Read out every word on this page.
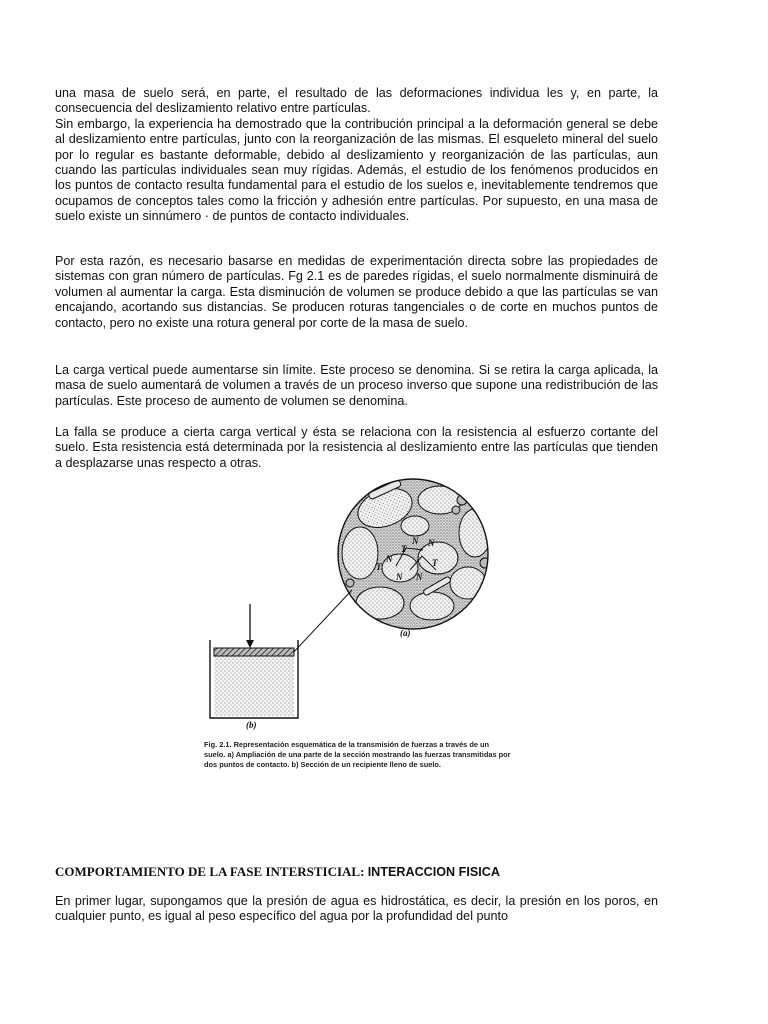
una masa de suelo será, en parte, el resultado de las deformaciones individua les y, en parte, la consecuencia del deslizamiento relativo entre partículas.
Sin embargo, la experiencia ha demostrado que la contribución principal a la deformación general se debe al deslizamiento entre partículas, junto con la reorganización de las mismas. El esqueleto mineral del suelo por lo regular es bastante deformable, debido al deslizamiento y reorganización de las partículas, aun cuando las partículas individuales sean muy rígidas. Además, el estudio de los fenómenos producidos en los puntos de contacto resulta fundamental para el estudio de los suelos e, inevitablemente tendremos que ocupamos de conceptos tales como la fricción y adhesión entre partículas. Por supuesto, en una masa de suelo existe un sinnúmero · de puntos de contacto individuales.

Por esta razón, es necesario basarse en medidas de experimentación directa sobre las propiedades de sistemas con gran número de partículas. Fg 2.1 es de paredes rígidas, el suelo normalmente disminuirá de volumen al aumentar la carga. Esta disminución de volumen se produce debido a que las partículas se van encajando, acortando sus distancias. Se producen roturas tangenciales o de corte en muchos puntos de contacto, pero no existe una rotura general por corte de la masa de suelo.

La carga vertical puede aumentarse sin límite. Este proceso se denomina. Si se retira la carga aplicada, la masa de suelo aumentará de volumen a través de un proceso inverso que supone una redistribución de las partículas. Este proceso de aumento de volumen se denomina.

La falla se produce a cierta carga vertical y ésta se relaciona con la resistencia al esfuerzo cortante del suelo. Esta resistencia está determinada por la resistencia al deslizamiento entre las partículas que tienden a desplazarse unas respecto a otras.

(a)
(b)
N
T
N
T
N
T
N N

Fig. 2.1. Representación esquemática de la transmisión de fuerzas a través de un suelo. a) Ampliación de una parte de la sección mostrando las fuerzas transmitidas por dos puntos de contacto. b) Sección de un recipiente lleno de suelo.

COMPORTAMIENTO DE LA FASE INTERSTICIAL: INTERACCION FISICA

En primer lugar, supongamos que la presión de agua es hidrostática, es decir, la presión en los poros, en cualquier punto, es igual al peso específico del agua por la profundidad del punto
